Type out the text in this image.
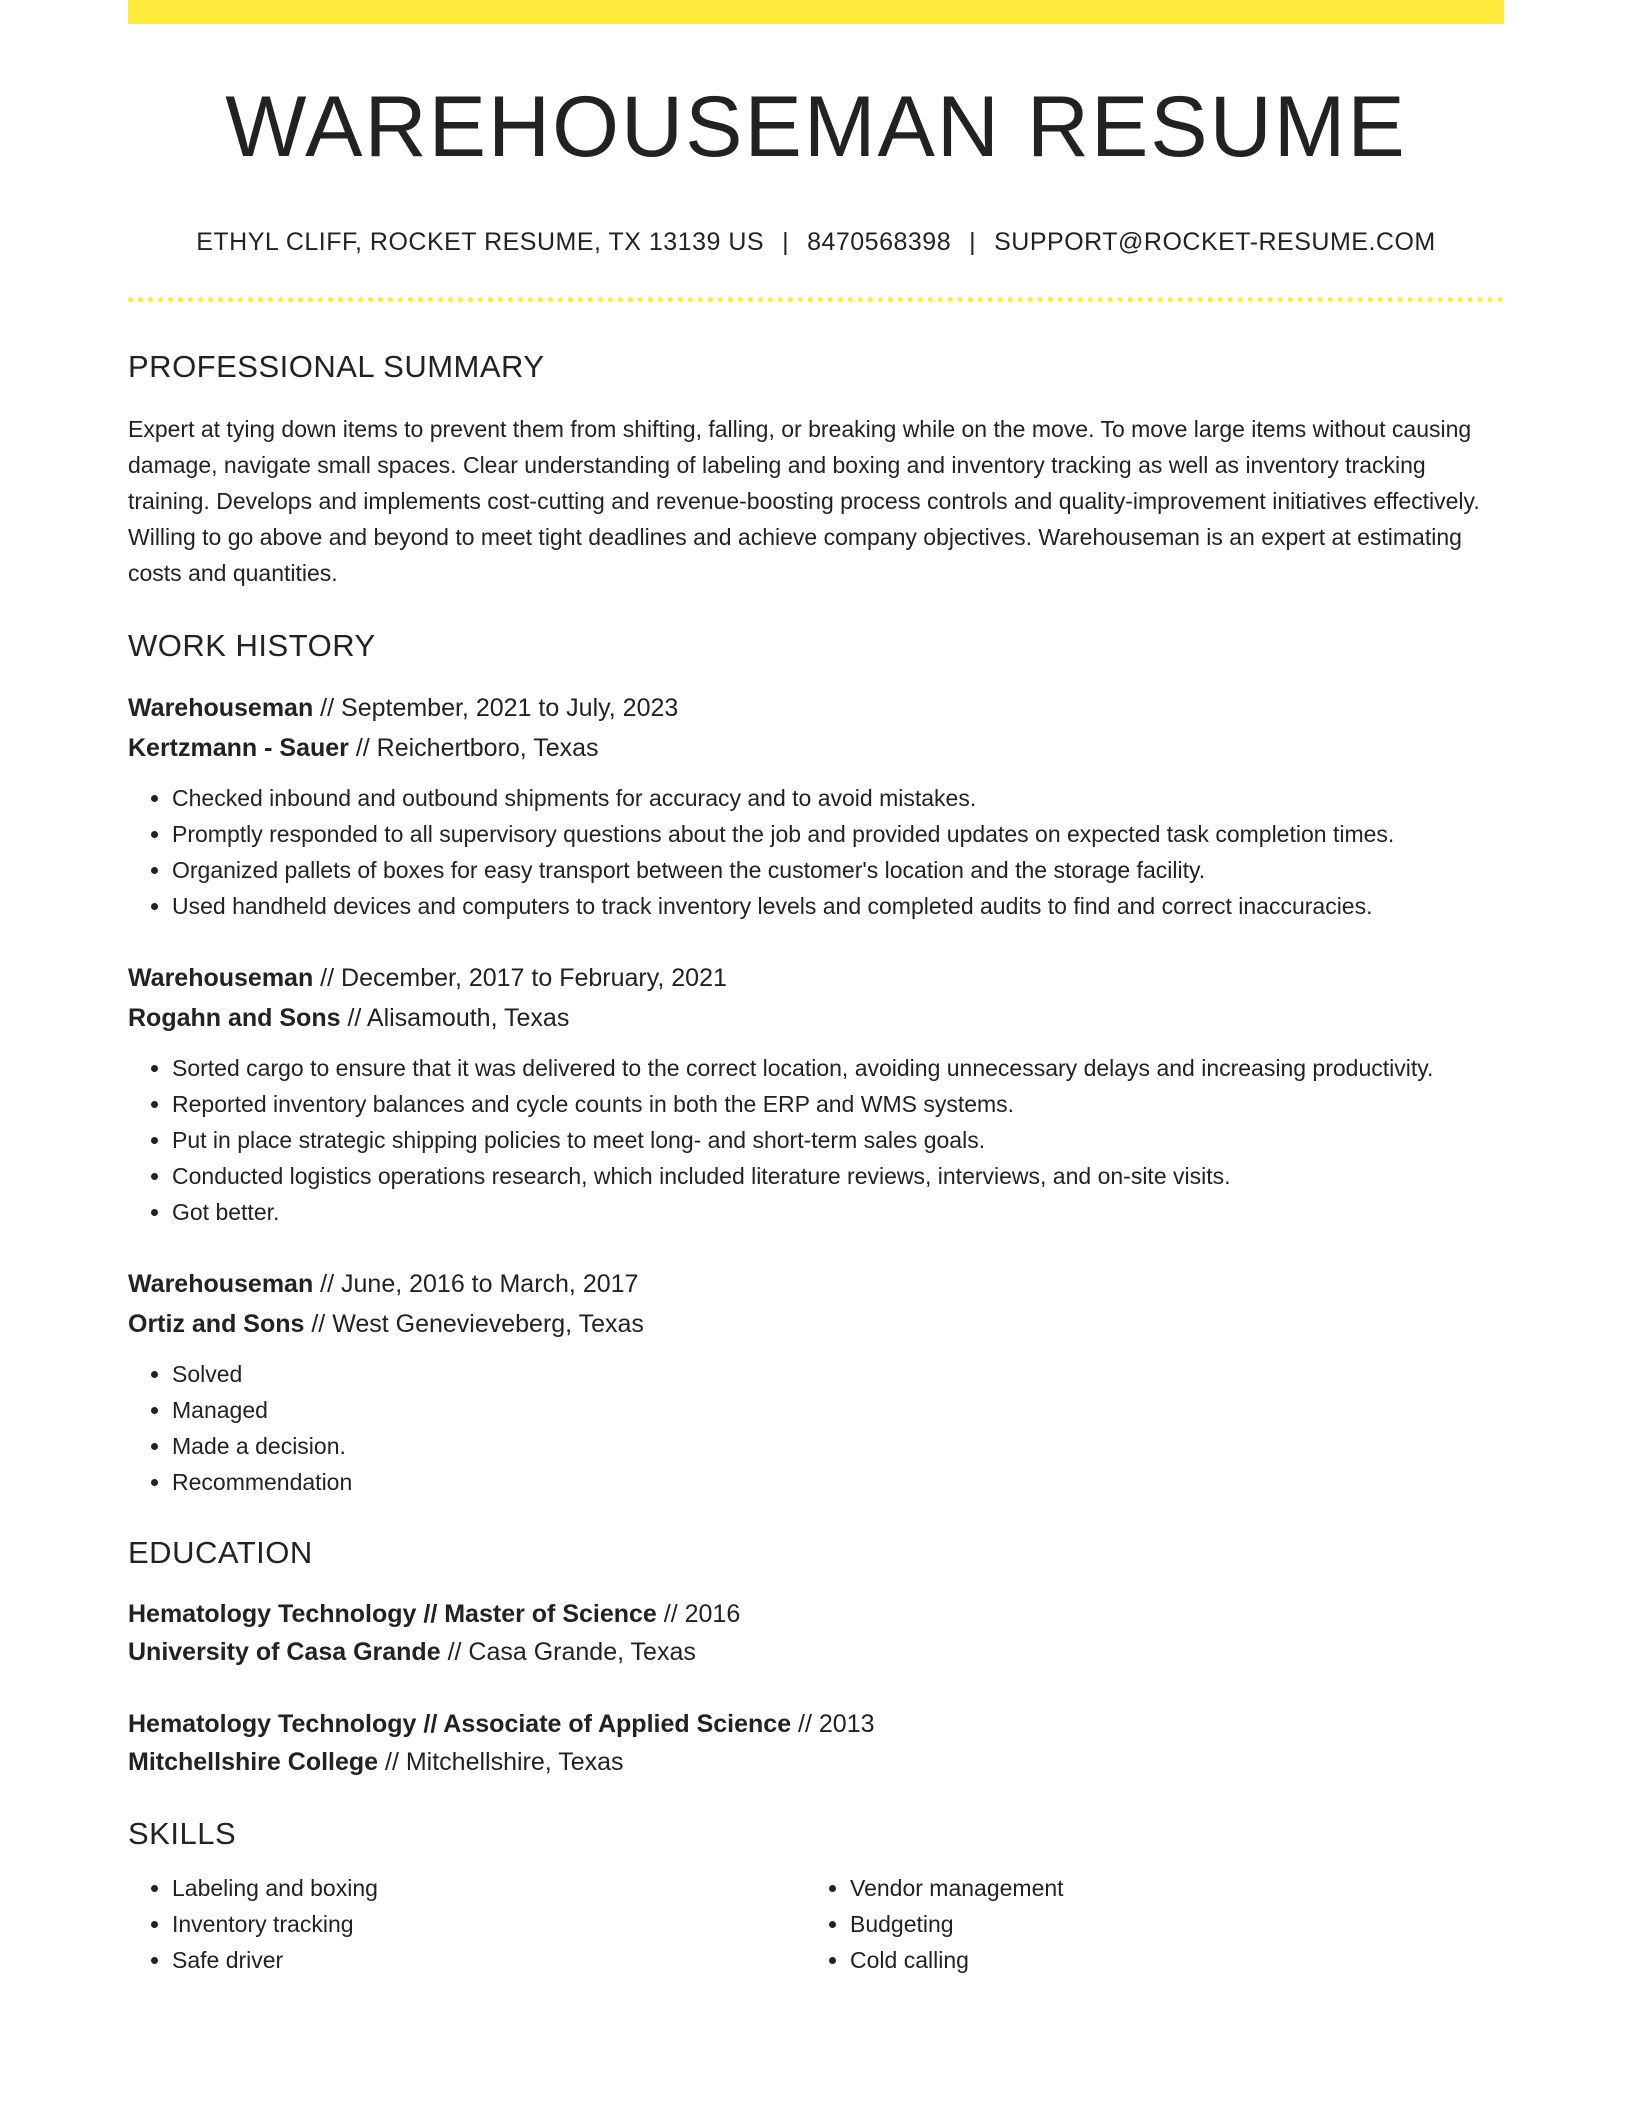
WAREHOUSEMAN RESUME
ETHYL CLIFF, ROCKET RESUME, TX 13139 US | 8470568398 | SUPPORT@ROCKET-RESUME.COM
PROFESSIONAL SUMMARY
Expert at tying down items to prevent them from shifting, falling, or breaking while on the move. To move large items without causing damage, navigate small spaces. Clear understanding of labeling and boxing and inventory tracking as well as inventory tracking training. Develops and implements cost-cutting and revenue-boosting process controls and quality-improvement initiatives effectively. Willing to go above and beyond to meet tight deadlines and achieve company objectives. Warehouseman is an expert at estimating costs and quantities.
WORK HISTORY
Warehouseman // September, 2021 to July, 2023
Kertzmann - Sauer // Reichertboro, Texas
• Checked inbound and outbound shipments for accuracy and to avoid mistakes.
• Promptly responded to all supervisory questions about the job and provided updates on expected task completion times.
• Organized pallets of boxes for easy transport between the customer's location and the storage facility.
• Used handheld devices and computers to track inventory levels and completed audits to find and correct inaccuracies.
Warehouseman // December, 2017 to February, 2021
Rogahn and Sons // Alisamouth, Texas
• Sorted cargo to ensure that it was delivered to the correct location, avoiding unnecessary delays and increasing productivity.
• Reported inventory balances and cycle counts in both the ERP and WMS systems.
• Put in place strategic shipping policies to meet long- and short-term sales goals.
• Conducted logistics operations research, which included literature reviews, interviews, and on-site visits.
• Got better.
Warehouseman // June, 2016 to March, 2017
Ortiz and Sons // West Genevieveberg, Texas
• Solved
• Managed
• Made a decision.
• Recommendation
EDUCATION
Hematology Technology // Master of Science // 2016
University of Casa Grande // Casa Grande, Texas
Hematology Technology // Associate of Applied Science // 2013
Mitchellshire College // Mitchellshire, Texas
SKILLS
• Labeling and boxing
• Inventory tracking
• Safe driver
• Vendor management
• Budgeting
• Cold calling
